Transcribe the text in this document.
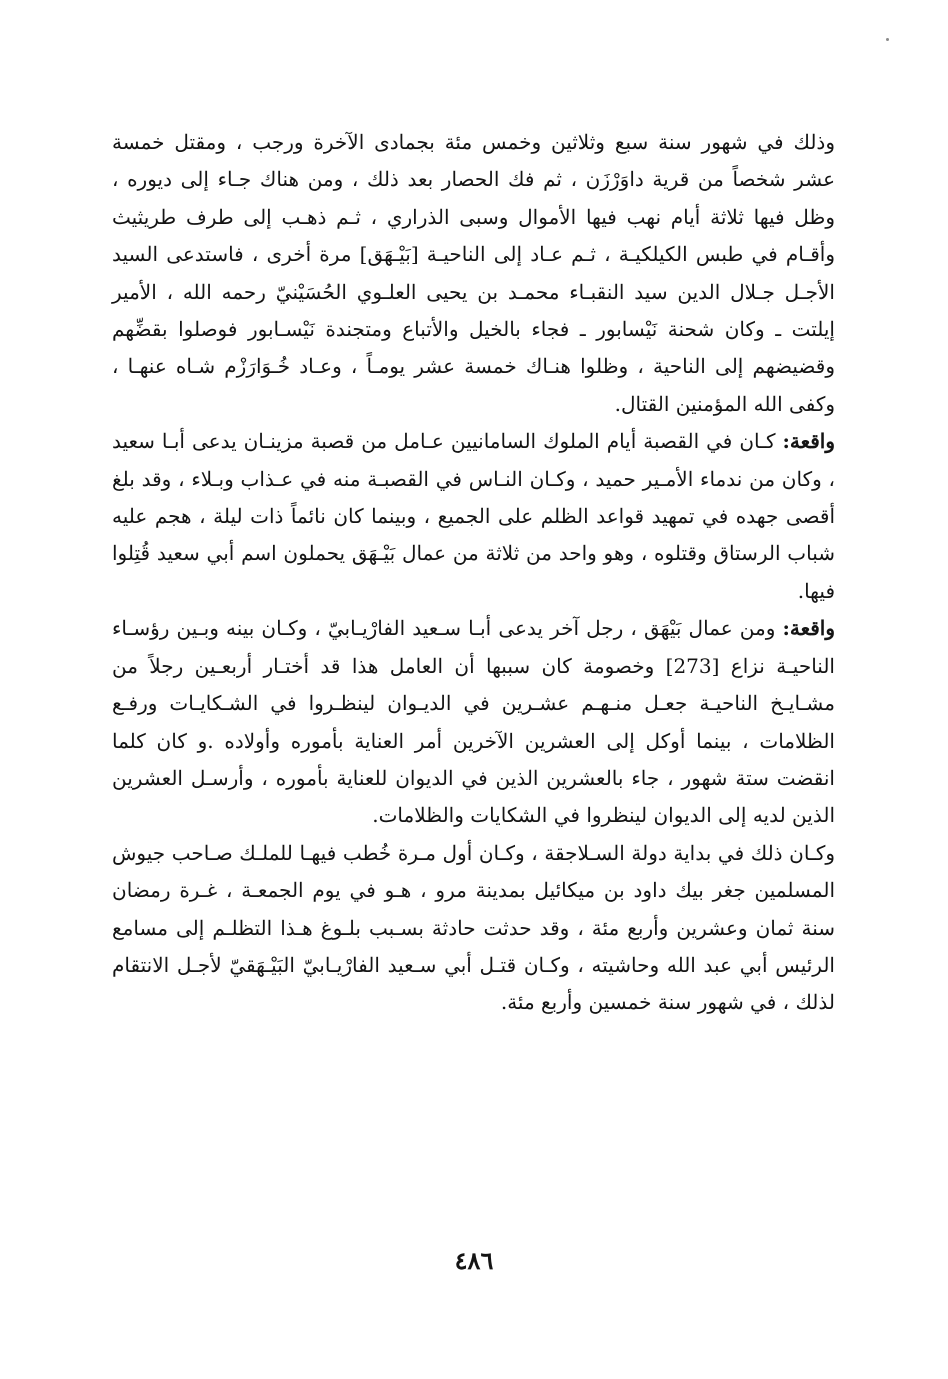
وذلك في شهور سنة سبع وثلاثين وخمس مئة بجمادى الآخرة ورجب ، ومقتل خمسة عشر شخصاً من قرية داوَرْزَن ، ثم فك الحصار بعد ذلك ، ومن هناك جـاء إلى ديوره ، وظل فيها ثلاثة أيام نهب فيها الأموال وسبى الذراري ، ثـم ذهـب إلى طرف طريثيث وأقـام في طبس الكيلكيـة ، ثـم عـاد إلى الناحيـة [بَيْـهَق] مرة أخرى ، فاستدعى السيد الأجـل جـلال الدين سيد النقبـاء محمـد بن يحيى العلـوي الحُسَيْنيّ رحمه الله ، الأمير إيلتت ـ وكان شحنة نَيْسابور ـ فجاء بالخيل والأتباع ومتجندة نَيْسـابور فوصلوا بقضِّهم وقضيضهم إلى الناحية ، وظلوا هنـاك خمسة عشر يومـاً ، وعـاد خُـوَارَزْم شـاه عنهـا ، وكفى الله المؤمنين القتال.

واقعة: كـان في القصبة أيام الملوك السامانيين عـامل من قصبة مزينـان يدعى أبـا سعيد ، وكان من ندماء الأمـير حميد ، وكـان النـاس في القصبـة منه في عـذاب وبـلاء ، وقد بلغ أقصى جهده في تمهيد قواعد الظلم على الجميع ، وبينما كان نائماً ذات ليلة ، هجم عليه شباب الرستاق وقتلوه ، وهو واحد من ثلاثة من عمال بَيْـهَق يحملون اسم أبي سعيد قُتِلوا فيها.

واقعة: ومن عمال بَيْهَق ، رجل آخر يدعى أبـا سـعيد الفارْيـابيّ ، وكـان بينه وبـين رؤسـاء الناحيـة نزاع [273] وخصومة كان سببها أن العامل هذا قد أختـار أربعـين رجلاً من مشـايـخ الناحيـة جعـل منـهـم عشـرين في الديـوان لينظـروا في الشـكايـات ورفـع الظلامات ، بينما أوكل إلى العشرين الآخرين أمر العناية بأموره وأولاده .و كان كلما انقضت ستة شهور ، جاء بالعشرين الذين في الديوان للعناية بأموره ، وأرسـل العشرين الذين لديه إلى الديوان لينظروا في الشكايات والظلامات.

وكـان ذلك في بداية دولة السـلاجقة ، وكـان أول مـرة خُطب فيهـا للملـك صـاحب جيوش المسلمين جغر بيك داود بن ميكائيل بمدينة مرو ، هـو في يوم الجمعـة ، غـرة رمضان سنة ثمان وعشرين وأربع مئة ، وقد حدثت حادثة بسـبب بلـوغ هـذا التظلـم إلى مسامع الرئيس أبي عبد الله وحاشيته ، وكـان قتـل أبي سـعيد الفارْيـابيّ البَيْـهَقيّ لأجـل الانتقام لذلك ، في شهور سنة خمسين وأربع مئة.

٤٨٦
